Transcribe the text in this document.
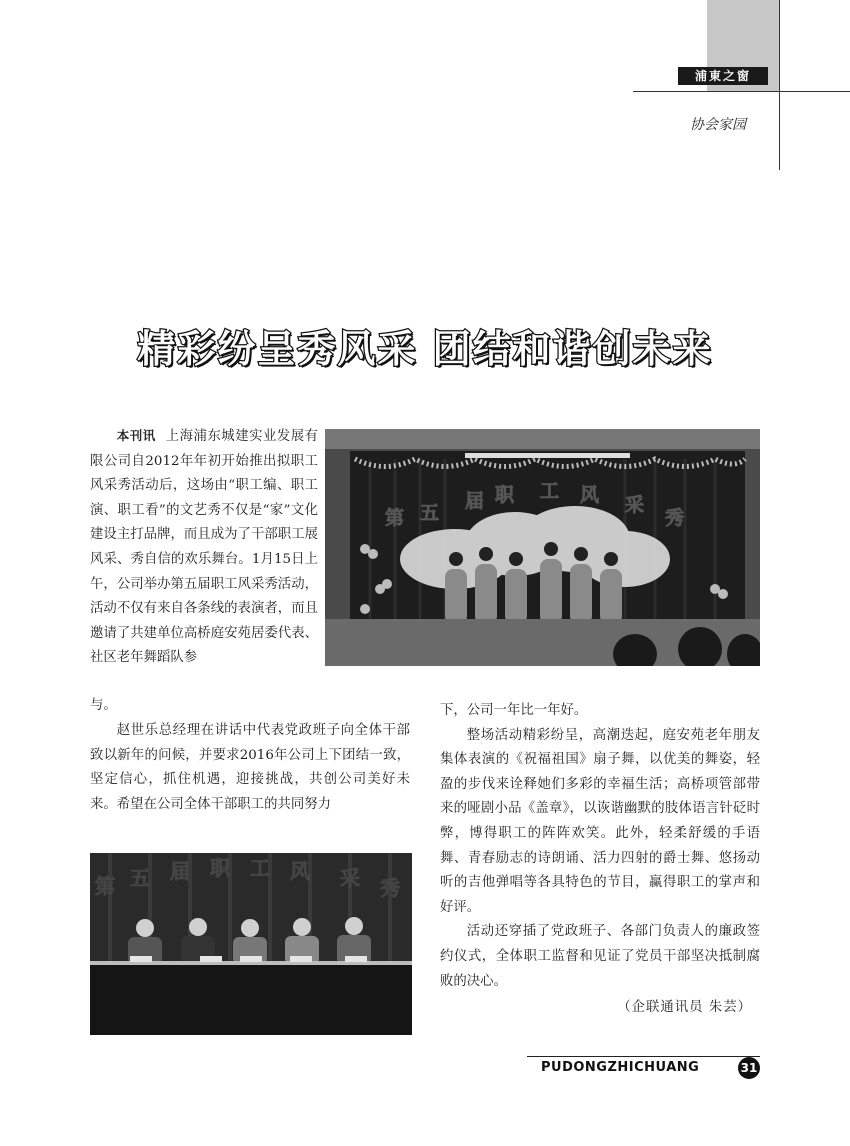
浦東之窗
协会家园
精彩纷呈秀风采 团结和谐创未来

本刊讯 上海浦东城建实业发展有限公司自2012年年初开始推出拟职工风采秀活动后，这场由“职工编、职工演、职工看”的文艺秀不仅是“家”文化建设主打品牌，而且成为了干部职工展风采、秀自信的欢乐舞台。1月15日上午，公司举办第五届职工风采秀活动，活动不仅有来自各条线的表演者，而且邀请了共建单位高桥庭安苑居委代表、社区老年舞蹈队参

第 五
届 职 工 风 采
秀
与。

赵世乐总经理在讲话中代表党政班子向全体干部致以新年的问候，并要求2016年公司上下团结一致，坚定信心，抓住机遇，迎接挑战，共创公司美好未来。希望在公司全体干部职工的共同努力

第 五 届 职 工 风 采 秀

下，公司一年比一年好。

整场活动精彩纷呈，高潮迭起，庭安苑老年朋友集体表演的《祝福祖国》扇子舞，以优美的舞姿，轻盈的步伐来诠释她们多彩的幸福生活；高桥项管部带来的哑剧小品《盖章》，以诙谐幽默的肢体语言针砭时弊，博得职工的阵阵欢笑。此外，轻柔舒缓的手语舞、青春励志的诗朗诵、活力四射的爵士舞、悠扬动听的吉他弹唱等各具特色的节目，赢得职工的掌声和好评。

活动还穿插了党政班子、各部门负责人的廉政签约仪式，全体职工监督和见证了党员干部坚决抵制腐败的决心。

（企联通讯员 朱芸）

PUDONGZHICHUANG	31
